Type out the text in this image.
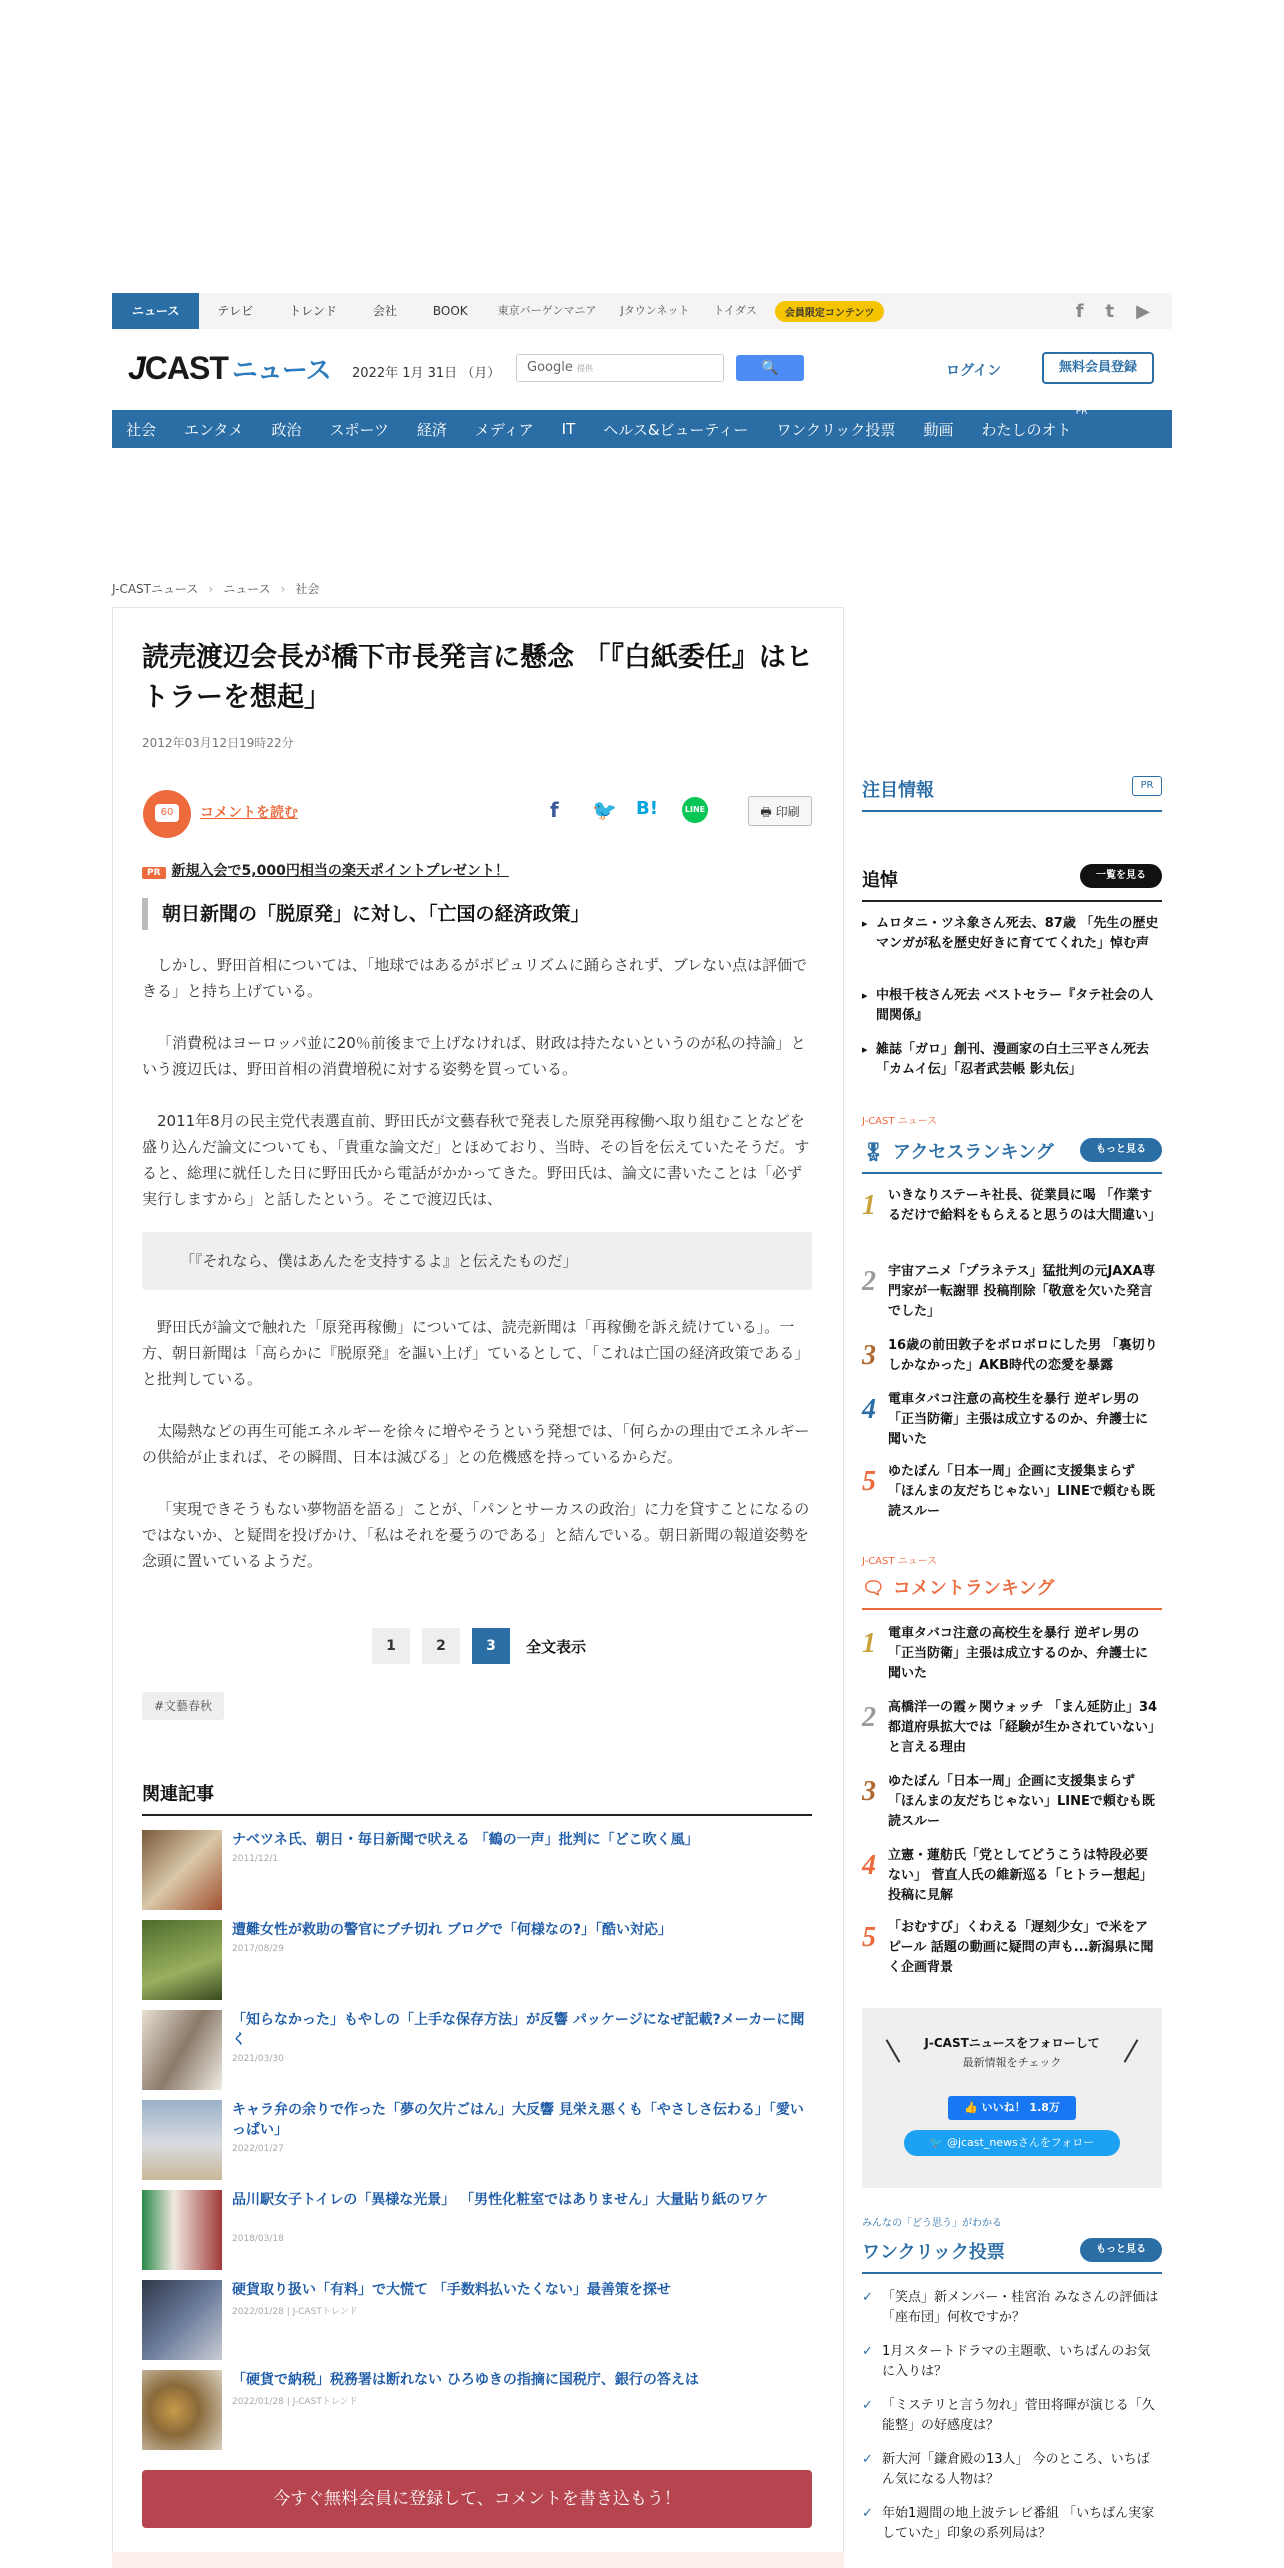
ニュース	テレビ	トレンド	会社	BOOK	東京バーゲンマニア	Jタウンネット	トイダス	会員限定コンテンツ	f t ▶
JCAST ニュース 2022年 1月 31日 （月）	Google 提供	🔍	ログイン	無料会員登録
社会 エンタメ 政治 スポーツ 経済 メディア IT ヘルス&ビューティー ワンクリック投票 動画 わたしのオト
PR
J-CASTニュース › ニュース › 社会
読売渡辺会長が橋下市長発言に懸念 「『白紙委任』はヒトラーを想起」
2012年03月12日19時22分
60	コメントを読む	f 🐦 B!	LINE	🖶 印刷
PR 新規入会で5,000円相当の楽天ポイントプレゼント！
朝日新聞の「脱原発」に対し、「亡国の経済政策」

しかし、野田首相については、「地球ではあるがポピュリズムに踊らされず、ブレない点は評価できる」と持ち上げている。

「消費税はヨーロッパ並に20％前後まで上げなければ、財政は持たないというのが私の持論」という渡辺氏は、野田首相の消費増税に対する姿勢を買っている。

2011年8月の民主党代表選直前、野田氏が文藝春秋で発表した原発再稼働へ取り組むことなどを盛り込んだ論文についても、「貴重な論文だ」とほめており、当時、その旨を伝えていたそうだ。すると、総理に就任した日に野田氏から電話がかかってきた。野田氏は、論文に書いたことは「必ず実行しますから」と話したという。そこで渡辺氏は、

「『それなら、僕はあんたを支持するよ』と伝えたものだ」

野田氏が論文で触れた「原発再稼働」については、読売新聞は「再稼働を訴え続けている」。一方、朝日新聞は「高らかに『脱原発』を謳い上げ」ているとして、「これは亡国の経済政策である」と批判している。

太陽熱などの再生可能エネルギーを徐々に増やそうという発想では、「何らかの理由でエネルギーの供給が止まれば、その瞬間、日本は滅びる」との危機感を持っているからだ。

「実現できそうもない夢物語を語る」ことが、「パンとサーカスの政治」に力を貸すことになるのではないか、と疑問を投げかけ、「私はそれを憂うのである」と結んでいる。朝日新聞の報道姿勢を念頭に置いているようだ。

1	2	3	全文表示
#文藝春秋
関連記事
ナベツネ氏、朝日・毎日新聞で吠える 「鶴の一声」批判に「どこ吹く風」
2011/12/1
遭難女性が救助の警官にブチ切れ ブログで「何様なの?」「酷い対応」
2017/08/29
「知らなかった」もやしの「上手な保存方法」が反響 パッケージになぜ記載?メーカーに聞く
2021/03/30
キャラ弁の余りで作った「夢の欠片ごはん」大反響 見栄え悪くも「やさしさ伝わる」「愛いっぱい」
2022/01/27
品川駅女子トイレの「異様な光景」 「男性化粧室ではありません」大量貼り紙のワケ
2018/03/18
硬貨取り扱い「有料」で大慌て 「手数料払いたくない」最善策を探せ
2022/01/28 | J-CASTトレンド
「硬貨で納税」税務署は断れない ひろゆきの指摘に国税庁、銀行の答えは
2022/01/28 | J-CASTトレンド
今すぐ無料会員に登録して、コメントを書き込もう！
注目情報	PR
追悼	一覧を見る
▸ ムロタニ・ツネ象さん死去、87歳 「先生の歴史マンガが私を歴史好きに育ててくれた」悼む声
▸ 中根千枝さん死去 ベストセラー『タテ社会の人間関係』
▸ 雑誌「ガロ」創刊、漫画家の白土三平さん死去 「カムイ伝」「忍者武芸帳 影丸伝」
J-CAST ニュース
🎖 アクセスランキング	もっと見る
1 いきなりステーキ社長、従業員に喝 「作業するだけで給料をもらえると思うのは大間違い」
2 宇宙アニメ「プラネテス」猛批判の元JAXA専門家が一転謝罪 投稿削除「敬意を欠いた発言でした」
3 16歳の前田敦子をボロボロにした男 「裏切りしかなかった」AKB時代の恋愛を暴露
4 電車タバコ注意の高校生を暴行 逆ギレ男の「正当防衛」主張は成立するのか、弁護士に聞いた
5 ゆたぼん「日本一周」企画に支援集まらず 「ほんまの友だちじゃない」LINEで頼むも既読スルー
J-CAST ニュース
🗨 コメントランキング
1 電車タバコ注意の高校生を暴行 逆ギレ男の「正当防衛」主張は成立するのか、弁護士に聞いた
2 高橋洋一の霞ヶ関ウォッチ 「まん延防止」34都道府県拡大では「経験が生かされていない」と言える理由
3 ゆたぼん「日本一周」企画に支援集まらず 「ほんまの友だちじゃない」LINEで頼むも既読スルー
4 立憲・蓮舫氏「党としてどうこうは特段必要ない」 菅直人氏の維新巡る「ヒトラー想起」投稿に見解
5 「おむすび」くわえる「遅刻少女」で米をアピール 話題の動画に疑問の声も...新潟県に聞く企画背景
J-CASTニュースをフォローして
最新情報をチェック
👍 いいね！ 1.8万
🐦 @jcast_newsさんをフォロー
みんなの「どう思う」がわかる
ワンクリック投票	もっと見る
✓ 「笑点」新メンバー・桂宮治 みなさんの評価は「座布団」何枚ですか？
✓ 1月スタートドラマの主題歌、いちばんのお気に入りは？
✓ 「ミステリと言う勿れ」菅田将暉が演じる「久能整」の好感度は？
✓ 新大河「鎌倉殿の13人」 今のところ、いちばん気になる人物は？
✓ 年始1週間の地上波テレビ番組 「いちばん実家していた」印象の系列局は？
